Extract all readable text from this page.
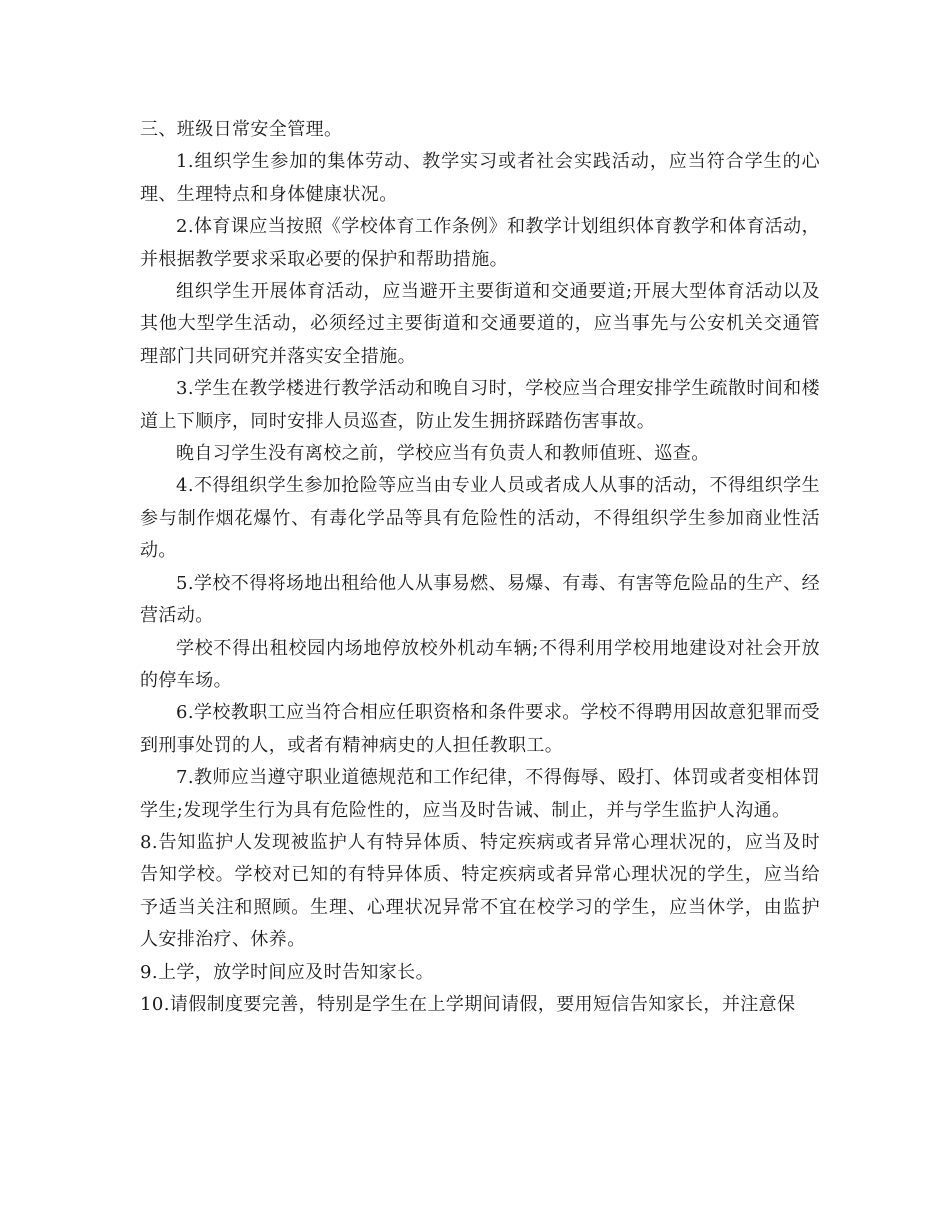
三、班级日常安全管理。

1.组织学生参加的集体劳动、教学实习或者社会实践活动，应当符合学生的心理、生理特点和身体健康状况。

2.体育课应当按照《学校体育工作条例》和教学计划组织体育教学和体育活动，并根据教学要求采取必要的保护和帮助措施。

组织学生开展体育活动，应当避开主要街道和交通要道;开展大型体育活动以及其他大型学生活动，必须经过主要街道和交通要道的，应当事先与公安机关交通管理部门共同研究并落实安全措施。

3.学生在教学楼进行教学活动和晚自习时，学校应当合理安排学生疏散时间和楼道上下顺序，同时安排人员巡查，防止发生拥挤踩踏伤害事故。

晚自习学生没有离校之前，学校应当有负责人和教师值班、巡查。

4.不得组织学生参加抢险等应当由专业人员或者成人从事的活动，不得组织学生参与制作烟花爆竹、有毒化学品等具有危险性的活动，不得组织学生参加商业性活动。

5.学校不得将场地出租给他人从事易燃、易爆、有毒、有害等危险品的生产、经营活动。

学校不得出租校园内场地停放校外机动车辆;不得利用学校用地建设对社会开放的停车场。

6.学校教职工应当符合相应任职资格和条件要求。学校不得聘用因故意犯罪而受到刑事处罚的人，或者有精神病史的人担任教职工。

7.教师应当遵守职业道德规范和工作纪律，不得侮辱、殴打、体罚或者变相体罚学生;发现学生行为具有危险性的，应当及时告诫、制止，并与学生监护人沟通。

8.告知监护人发现被监护人有特异体质、特定疾病或者异常心理状况的，应当及时告知学校。学校对已知的有特异体质、特定疾病或者异常心理状况的学生，应当给予适当关注和照顾。生理、心理状况异常不宜在校学习的学生，应当休学，由监护人安排治疗、休养。

9.上学，放学时间应及时告知家长。

10.请假制度要完善，特别是学生在上学期间请假，要用短信告知家长，并注意保
